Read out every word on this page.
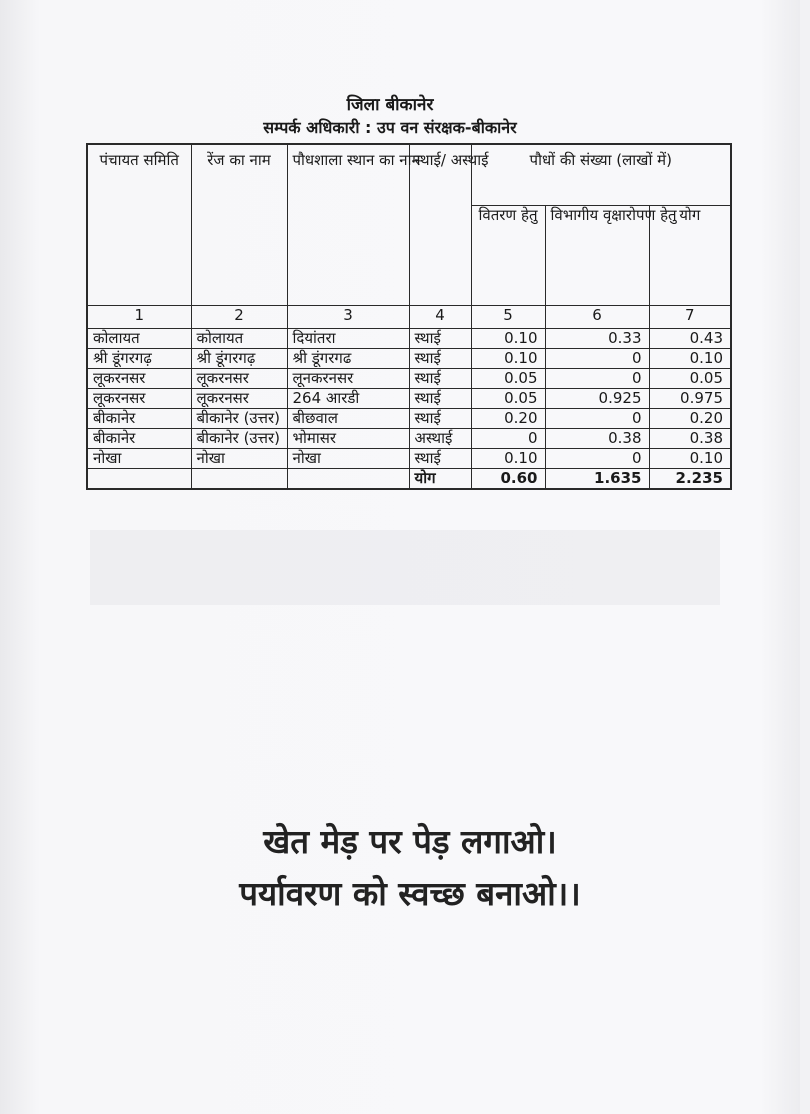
जिला बीकानेर
सम्पर्क अधिकारी : उप वन संरक्षक-बीकानेर
पंचायत समिति	रेंज का नाम	पौधशाला स्थान का नाम	स्थाई/ अस्थाई	पौधों की संख्या (लाखों में)		
				वितरण हेतु	विभागीय वृक्षारोपण हेतु	योग
1	2	3	4	5	6	7
कोलायत	कोलायत	दियांतरा	स्थाई	0.10	0.33	0.43
श्री डूंगरगढ़	श्री डूंगरगढ़	श्री डूंगरगढ	स्थाई	0.10	0	0.10
लूकरनसर	लूकरनसर	लूनकरनसर	स्थाई	0.05	0	0.05
लूकरनसर	लूकरनसर	264 आरडी	स्थाई	0.05	0.925	0.975
बीकानेर	बीकानेर (उत्तर)	बीछवाल	स्थाई	0.20	0	0.20
बीकानेर	बीकानेर (उत्तर)	भोमासर	अस्थाई	0	0.38	0.38
नोखा	नोखा	नोखा	स्थाई	0.10	0	0.10
			योग	0.60	1.635	2.235
खेत मेड़ पर पेड़ लगाओ।
पर्यावरण को स्वच्छ बनाओ।।
